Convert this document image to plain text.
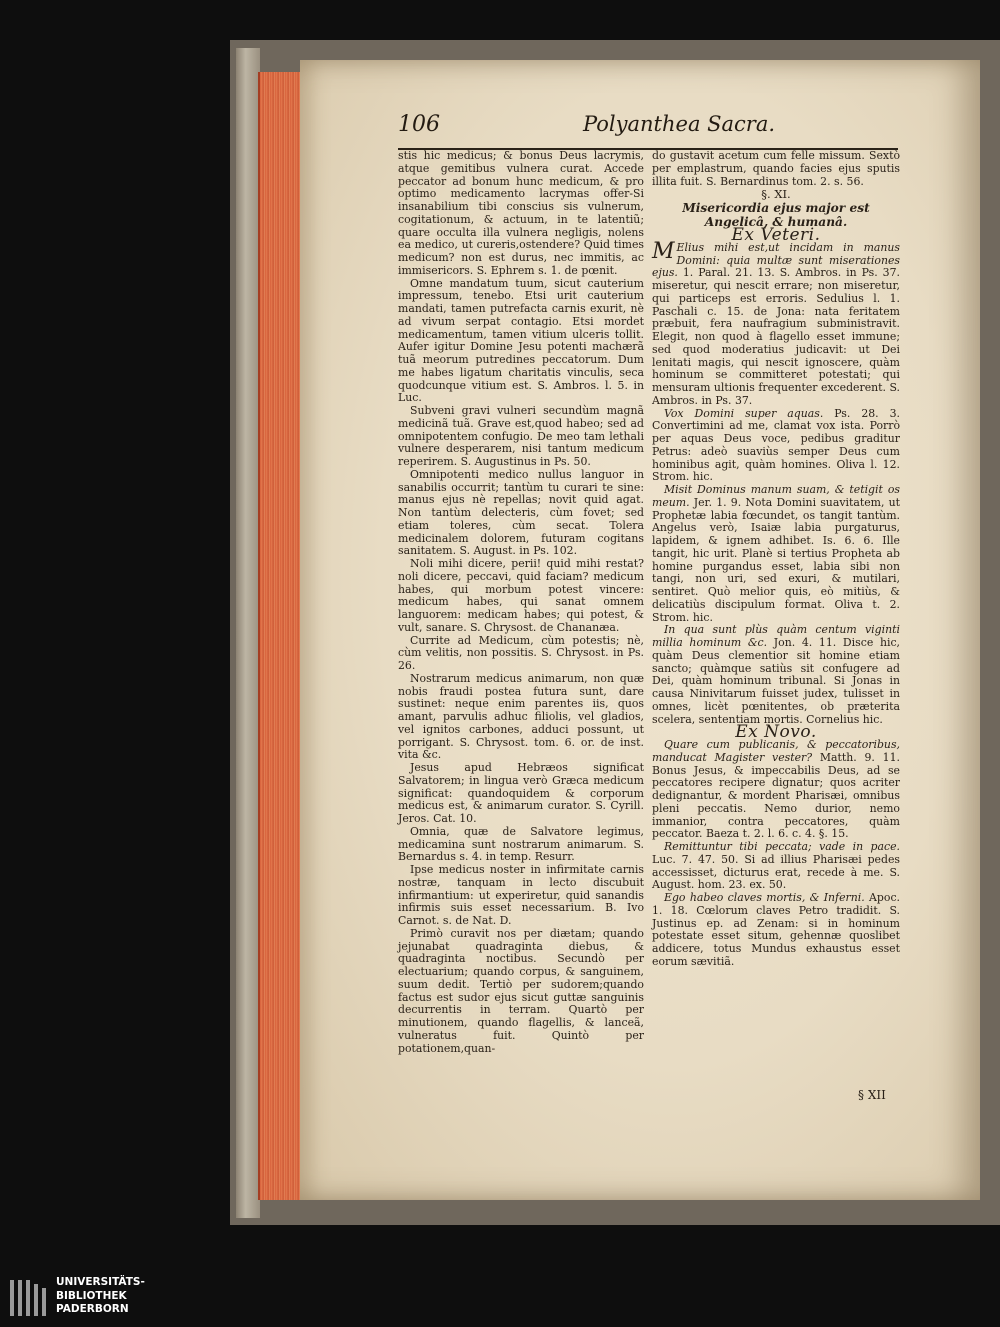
106	Polyanthea Sacra.

stis hic medicus; & bonus Deus lacrymis, atque gemitibus vulnera curat. Accede peccator ad bonum hunc medicum, & pro optimo medicamento lacrymas offer-Si insanabilium tibi conscius sis vulnerum, cogitationum, & actuum, in te latentiũ; quare occulta illa vulnera negligis, nolens ea medico, ut cureris,ostendere? Quid times medicum? non est durus, nec immitis, ac immisericors. S. Ephrem s. 1. de pœnit.

Omne mandatum tuum, sicut cauterium impressum, tenebo. Etsi urit cauterium mandati, tamen putrefacta carnis exurit, nè ad vivum serpat contagio. Etsi mordet medicamentum, tamen vitium ulceris tollit. Aufer igitur Domine Jesu potenti machærã tuã meorum putredines peccatorum. Dum me habes ligatum charitatis vinculis, seca quodcunque vitium est. S. Ambros. l. 5. in Luc.

Subveni gravi vulneri secundùm magnã medicinã tuã. Grave est,quod habeo; sed ad omnipotentem confugio. De meo tam lethali vulnere desperarem, nisi tantum medicum reperirem. S. Augustinus in Ps. 50.

Omnipotenti medico nullus languor in sanabilis occurrit; tantùm tu curari te sine: manus ejus nè repellas; novit quid agat. Non tantùm delecteris, cùm fovet; sed etiam toleres, cùm secat. Tolera medicinalem dolorem, futuram cogitans sanitatem. S. August. in Ps. 102.

Noli mihi dicere, perii! quid mihi restat? noli dicere, peccavi, quid faciam? medicum habes, qui morbum potest vincere: medicum habes, qui sanat omnem languorem: medicam habes; qui potest, & vult, sanare. S. Chrysost. de Chananæa.

Currite ad Medicum, cùm potestis; nè, cùm velitis, non possitis. S. Chrysost. in Ps. 26.

Nostrarum medicus animarum, non quæ nobis fraudi postea futura sunt, dare sustinet: neque enim parentes iis, quos amant, parvulis adhuc filiolis, vel gladios, vel ignitos carbones, adduci possunt, ut porrigant. S. Chrysost. tom. 6. or. de inst. vita &c.

Jesus apud Hebræos significat Salvatorem; in lingua verò Græca medicum significat: quandoquidem & corporum medicus est, & animarum curator. S. Cyrill. Jeros. Cat. 10.

Omnia, quæ de Salvatore legimus, medicamina sunt nostrarum animarum. S. Bernardus s. 4. in temp. Resurr.

Ipse medicus noster in infirmitate carnis nostræ, tanquam in lecto discubuit infirmantium: ut experiretur, quid sanandis infirmis suis esset necessarium. B. Ivo Carnot. s. de Nat. D.

Primò curavit nos per diætam; quando jejunabat quadraginta diebus, & quadraginta noctibus. Secundò per electuarium; quando corpus, & sanguinem, suum dedit. Tertiò per sudorem;quando factus est sudor ejus sicut guttæ sanguinis decurrentis in terram. Quartò per minutionem, quando flagellis, & lanceã, vulneratus fuit. Quintò per potationem,quan-

do gustavit acetum cum felle missum. Sextò per emplastrum, quando facies ejus sputis illita fuit. S. Bernardinus tom. 2. s. 56.

§. XI.

Misericordia ejus major est Angelicâ, & humanâ.

Ex Veteri.

M Elius mihi est,ut incidam in manus Domini: quia multæ sunt miserationes ejus. 1. Paral. 21. 13. S. Ambros. in Ps. 37. miseretur, qui nescit errare; non miseretur, qui particeps est erroris. Sedulius l. 1. Paschali c. 15. de Jona: nata feritatem præbuit, fera naufragium subministravit. Elegit, non quod à flagello esset immune; sed quod moderatius judicavit: ut Dei lenitati magis, qui nescit ignoscere, quàm hominum se committeret potestati; qui mensuram ultionis frequenter excederent. S. Ambros. in Ps. 37.

Vox Domini super aquas. Ps. 28. 3. Convertimini ad me, clamat vox ista. Porrò per aquas Deus voce, pedibus graditur Petrus: adeò suaviùs semper Deus cum hominibus agit, quàm homines. Oliva l. 12. Strom. hic.

Misit Dominus manum suam, & tetigit os meum. Jer. 1. 9. Nota Domini suavitatem, ut Prophetæ labia fœcundet, os tangit tantùm. Angelus verò, Isaiæ labia purgaturus, lapidem, & ignem adhibet. Is. 6. 6. Ille tangit, hic urit. Planè si tertius Propheta ab homine purgandus esset, labia sibi non tangi, non uri, sed exuri, & mutilari, sentiret. Quò melior quis, eò mitiùs, & delicatiùs discipulum format. Oliva t. 2. Strom. hic.

In qua sunt plùs quàm centum viginti millia hominum &c. Jon. 4. 11. Disce hic, quàm Deus clementior sit homine etiam sancto; quàmque satiùs sit confugere ad Dei, quàm hominum tribunal. Si Jonas in causa Ninivitarum fuisset judex, tulisset in omnes, licèt pœnitentes, ob præterita scelera, sententiam mortis. Cornelius hic.

Ex Novo.

Quare cum publicanis, & peccatoribus, manducat Magister vester? Matth. 9. 11. Bonus Jesus, & impeccabilis Deus, ad se peccatores recipere dignatur; quos acriter dedignantur, & mordent Pharisæi, omnibus pleni peccatis. Nemo durior, nemo immanior, contra peccatores, quàm peccator. Baeza t. 2. l. 6. c. 4. §. 15.

Remittuntur tibi peccata; vade in pace. Luc. 7. 47. 50. Si ad illius Pharisæi pedes accessisset, dicturus erat, recede à me. S. August. hom. 23. ex. 50.

Ego habeo claves mortis, & Inferni. Apoc. 1. 18. Cœlorum claves Petro tradidit. S. Justinus ep. ad Zenam: si in hominum potestate esset situm, gehennæ quoslibet addicere, totus Mundus exhaustus esset eorum sævitiã.

§ XII
UNIVERSITÄTS-
BIBLIOTHEK
PADERBORN
